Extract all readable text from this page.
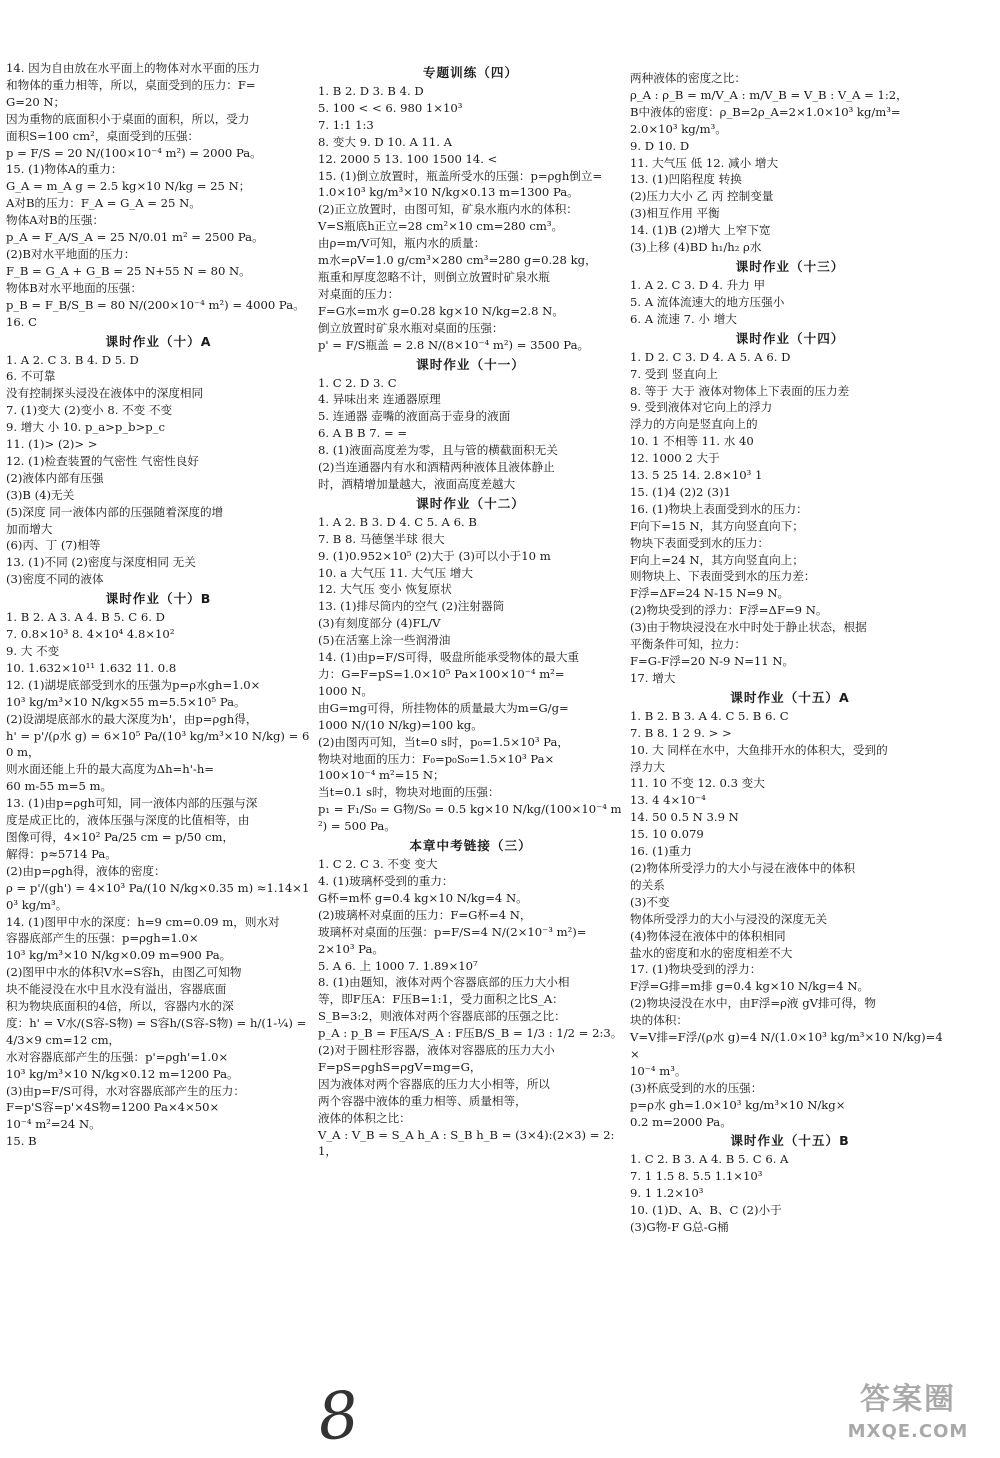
14. 因为自由放在水平面上的物体对水平面的压力
和物体的重力相等，所以，桌面受到的压力：F=
G=20 N；
因为重物的底面积小于桌面的面积，所以，受力
面积S=100 cm²，桌面受到的压强：
p = F/S = 20 N/(100×10⁻⁴ m²) = 2000 Pa。
15. (1)物体A的重力：
G_A = m_A g = 2.5 kg×10 N/kg = 25 N；
A对B的压力：F_A = G_A = 25 N。
物体A对B的压强：
p_A = F_A/S_A = 25 N/0.01 m² = 2500 Pa。
(2)B对水平地面的压力：
F_B = G_A + G_B = 25 N+55 N = 80 N。
物体B对水平地面的压强：
p_B = F_B/S_B = 80 N/(200×10⁻⁴ m²) = 4000 Pa。
16. C
课时作业（十）A
1. A 2. C 3. B 4. D 5. D
6. 不可靠
没有控制探头浸没在液体中的深度相同
7. (1)变大 (2)变小 8. 不变 不变
9. 增大 小 10. p_a>p_b>p_c
11. (1)> (2)> >
12. (1)检查装置的气密性 气密性良好
(2)液体内部有压强
(3)B (4)无关
(5)深度 同一液体内部的压强随着深度的增
加而增大
(6)丙、丁 (7)相等
13. (1)不同 (2)密度与深度相同 无关
(3)密度不同的液体
课时作业（十）B
1. B 2. A 3. A 4. B 5. C 6. D
7. 0.8×10³ 8. 4×10⁴ 4.8×10²
9. 大 不变
10. 1.632×10¹¹ 1.632 11. 0.8
12. (1)湖堤底部受到水的压强为p=ρ水gh=1.0×
10³ kg/m³×10 N/kg×55 m=5.5×10⁵ Pa。
(2)设湖堤底部水的最大深度为h'，由p=ρgh得，
h' = p'/(ρ水 g) = 6×10⁵ Pa/(10³ kg/m³×10 N/kg) = 60 m，
则水面还能上升的最大高度为Δh=h'-h=
60 m-55 m=5 m。
13. (1)由p=ρgh可知，同一液体内部的压强与深
度是成正比的，液体压强与深度的比值相等，由
图像可得，4×10² Pa/25 cm = p/50 cm，
解得：p≈5714 Pa。
(2)由p=ρgh得，液体的密度：
ρ = p'/(gh') = 4×10³ Pa/(10 N/kg×0.35 m) ≈1.14×10³ kg/m³。
14. (1)图甲中水的深度：h=9 cm=0.09 m，则水对
容器底部产生的压强：p=ρgh=1.0×
10³ kg/m³×10 N/kg×0.09 m=900 Pa。
(2)图甲中水的体积V水=S容h，由图乙可知物
块不能浸没在水中且水没有溢出，容器底面
积为物块底面积的4倍，所以，容器内水的深
度：h' = V水/(S容-S物) = S容h/(S容-S物) = h/(1-¼) =
4/3×9 cm=12 cm，
水对容器底部产生的压强：p'=ρgh'=1.0×
10³ kg/m³×10 N/kg×0.12 m=1200 Pa。
(3)由p=F/S可得，水对容器底部产生的压力：
F=p'S容=p'×4S物=1200 Pa×4×50×
10⁻⁴ m²=24 N。
15. B
专题训练（四）
1. B 2. D 3. B 4. D
5. 100 < < 6. 980 1×10³
7. 1:1 1:3
8. 变大 9. D 10. A 11. A
12. 2000 5 13. 100 1500 14. <
15. (1)倒立放置时，瓶盖所受水的压强：p=ρgh倒立=
1.0×10³ kg/m³×10 N/kg×0.13 m=1300 Pa。
(2)正立放置时，由图可知，矿泉水瓶内水的体积：
V=S瓶底h正立=28 cm²×10 cm=280 cm³。
由ρ=m/V可知，瓶内水的质量：
m水=ρV=1.0 g/cm³×280 cm³=280 g=0.28 kg，
瓶重和厚度忽略不计，则倒立放置时矿泉水瓶
对桌面的压力：
F=G水=m水 g=0.28 kg×10 N/kg=2.8 N。
倒立放置时矿泉水瓶对桌面的压强：
p' = F/S瓶盖 = 2.8 N/(8×10⁻⁴ m²) = 3500 Pa。
课时作业（十一）
1. C 2. D 3. C
4. 异味出来 连通器原理
5. 连通器 壶嘴的液面高于壶身的液面
6. A B B 7. = =
8. (1)液面高度差为零，且与管的横截面积无关
(2)当连通器内有水和酒精两种液体且液体静止
时，酒精增加量越大，液面高度差越大
课时作业（十二）
1. A 2. B 3. D 4. C 5. A 6. B
7. B 8. 马德堡半球 很大
9. (1)0.952×10⁵ (2)大于 (3)可以小于10 m
10. a 大气压 11. 大气压 增大
12. 大气压 变小 恢复原状
13. (1)排尽筒内的空气 (2)注射器筒
(3)有刻度部分 (4)FL/V
(5)在活塞上涂一些润滑油
14. (1)由p=F/S可得，吸盘所能承受物体的最大重
力：G=F=pS=1.0×10⁵ Pa×100×10⁻⁴ m²=
1000 N。
由G=mg可得，所挂物体的质量最大为m=G/g=
1000 N/(10 N/kg)=100 kg。
(2)由图丙可知，当t=0 s时，p₀=1.5×10³ Pa，
物块对地面的压力：F₀=p₀S₀=1.5×10³ Pa×
100×10⁻⁴ m²=15 N；
当t=0.1 s时，物块对地面的压强：
p₁ = F₁/S₀ = G物/S₀ = 0.5 kg×10 N/kg/(100×10⁻⁴ m²) = 500 Pa。
本章中考链接（三）
1. C 2. C 3. 不变 变大
4. (1)玻璃杯受到的重力：
G杯=m杯 g=0.4 kg×10 N/kg=4 N。
(2)玻璃杯对桌面的压力：F=G杯=4 N，
玻璃杯对桌面的压强：p=F/S=4 N/(2×10⁻³ m²)=
2×10³ Pa。
5. A 6. 上 1000 7. 1.89×10⁷
8. (1)由题知，液体对两个容器底部的压力大小相
等，即F压A：F压B=1:1，受力面积之比S_A：
S_B=3:2，则液体对两个容器底部的压强之比：
p_A : p_B = F压A/S_A : F压B/S_B = 1/3 : 1/2 = 2:3。
(2)对于圆柱形容器，液体对容器底的压力大小
F=pS=ρghS=ρgV=mg=G，
因为液体对两个容器底的压力大小相等，所以
两个容器中液体的重力相等、质量相等，
液体的体积之比：
V_A : V_B = S_A h_A : S_B h_B = (3×4):(2×3) = 2:1，
两种液体的密度之比：
ρ_A : ρ_B = m/V_A : m/V_B = V_B : V_A = 1:2，
B中液体的密度：ρ_B=2ρ_A=2×1.0×10³ kg/m³=
2.0×10³ kg/m³。
9. D 10. D
11. 大气压 低 12. 减小 增大
13. (1)凹陷程度 转换
(2)压力大小 乙 丙 控制变量
(3)相互作用 平衡
14. (1)B (2)增大 上窄下宽
(3)上移 (4)BD h₁/h₂ ρ水
课时作业（十三）
1. A 2. C 3. D 4. 升力 甲
5. A 流体流速大的地方压强小
6. A 流速 7. 小 增大
课时作业（十四）
1. D 2. C 3. D 4. A 5. A 6. D
7. 受到 竖直向上
8. 等于 大于 液体对物体上下表面的压力差
9. 受到液体对它向上的浮力
浮力的方向是竖直向上的
10. 1 不相等 11. 水 40
12. 1000 2 大于
13. 5 25 14. 2.8×10³ 1
15. (1)4 (2)2 (3)1
16. (1)物块上表面受到水的压力：
F向下=15 N，其方向竖直向下；
物块下表面受到水的压力：
F向上=24 N，其方向竖直向上；
则物块上、下表面受到水的压力差：
F浮=ΔF=24 N-15 N=9 N。
(2)物块受到的浮力：F浮=ΔF=9 N。
(3)由于物块浸没在水中时处于静止状态，根据
平衡条件可知，拉力：
F=G-F浮=20 N-9 N=11 N。
17. 增大
课时作业（十五）A
1. B 2. B 3. A 4. C 5. B 6. C
7. B 8. 1 2 9. > >
10. 大 同样在水中，大鱼排开水的体积大，受到的
浮力大
11. 10 不变 12. 0.3 变大
13. 4 4×10⁻⁴
14. 50 0.5 N 3.9 N
15. 10 0.079
16. (1)重力
(2)物体所受浮力的大小与浸在液体中的体积
的关系
(3)不变
物体所受浮力的大小与浸没的深度无关
(4)物体浸在液体中的体积相同
盐水的密度和水的密度相差不大
17. (1)物块受到的浮力：
F浮=G排=m排 g=0.4 kg×10 N/kg=4 N。
(2)物块浸没在水中，由F浮=ρ液 gV排可得，物
块的体积：
V=V排=F浮/(ρ水 g)=4 N/(1.0×10³ kg/m³×10 N/kg)=4×
10⁻⁴ m³。
(3)杯底受到的水的压强：
p=ρ水 gh=1.0×10³ kg/m³×10 N/kg×
0.2 m=2000 Pa。
课时作业（十五）B
1. C 2. B 3. A 4. B 5. C 6. A
7. 1 1.5 8. 5.5 1.1×10³
9. 1 1.2×10³
10. (1)D、A、B、C (2)小于
(3)G物-F G总-G桶
8	答案圈
MXQE.COM
